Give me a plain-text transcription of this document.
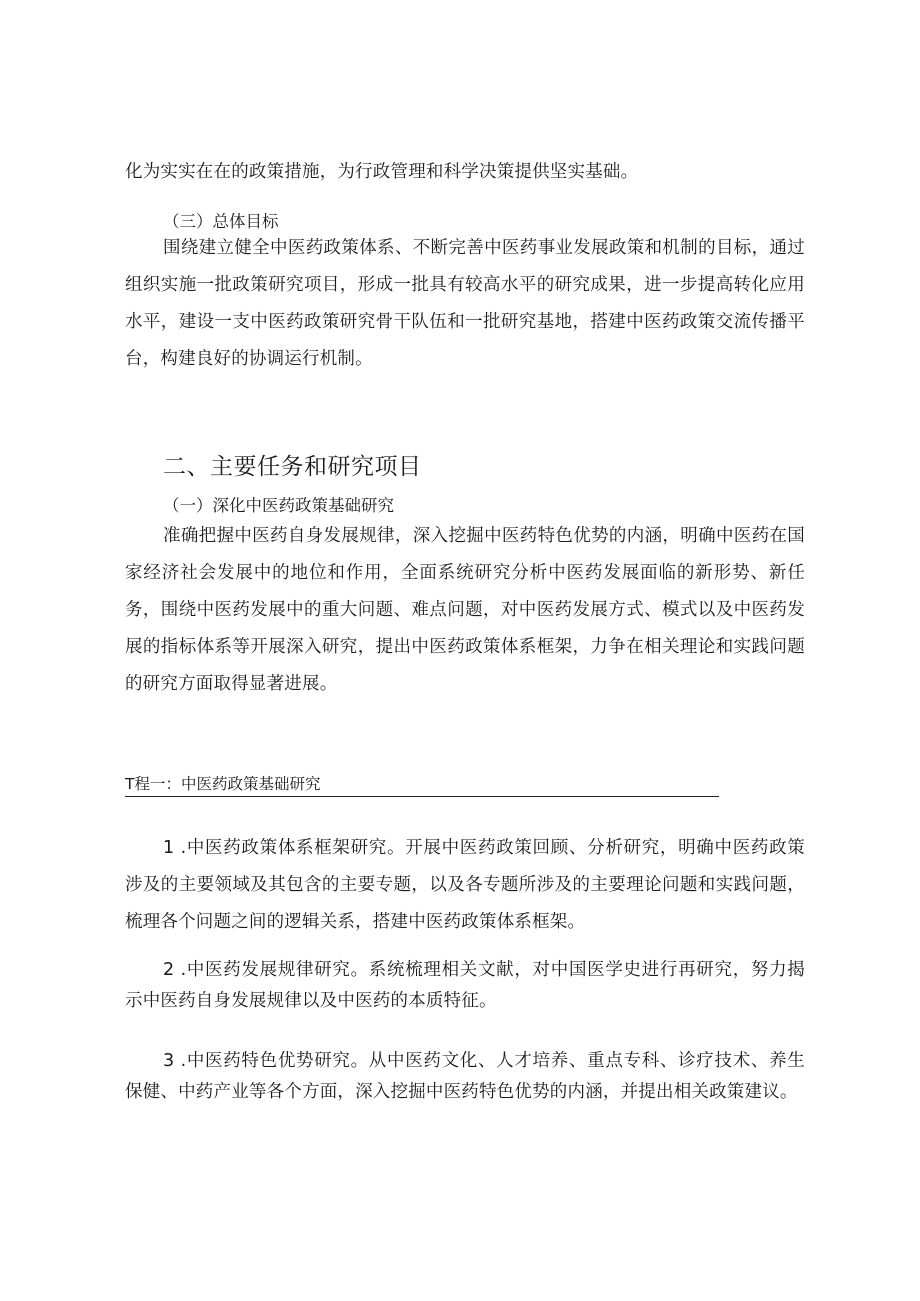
化为实实在在的政策措施，为行政管理和科学决策提供坚实基础。

（三）总体目标

围绕建立健全中医药政策体系、不断完善中医药事业发展政策和机制的目标，通过组织实施一批政策研究项目，形成一批具有较高水平的研究成果，进一步提高转化应用水平，建设一支中医药政策研究骨干队伍和一批研究基地，搭建中医药政策交流传播平台，构建良好的协调运行机制。

二、主要任务和研究项目

（一）深化中医药政策基础研究

准确把握中医药自身发展规律，深入挖掘中医药特色优势的内涵，明确中医药在国家经济社会发展中的地位和作用，全面系统研究分析中医药发展面临的新形势、新任务，围绕中医药发展中的重大问题、难点问题，对中医药发展方式、模式以及中医药发展的指标体系等开展深入研究，提出中医药政策体系框架，力争在相关理论和实践问题的研究方面取得显著进展。

T程一：中医药政策基础研究

1 .中医药政策体系框架研究。开展中医药政策回顾、分析研究，明确中医药政策涉及的主要领域及其包含的主要专题，以及各专题所涉及的主要理论问题和实践问题，梳理各个问题之间的逻辑关系，搭建中医药政策体系框架。

2 .中医药发展规律研究。系统梳理相关文献，对中国医学史进行再研究，努力揭示中医药自身发展规律以及中医药的本质特征。

3 .中医药特色优势研究。从中医药文化、人才培养、重点专科、诊疗技术、养生保健、中药产业等各个方面，深入挖掘中医药特色优势的内涵，并提出相关政策建议。
